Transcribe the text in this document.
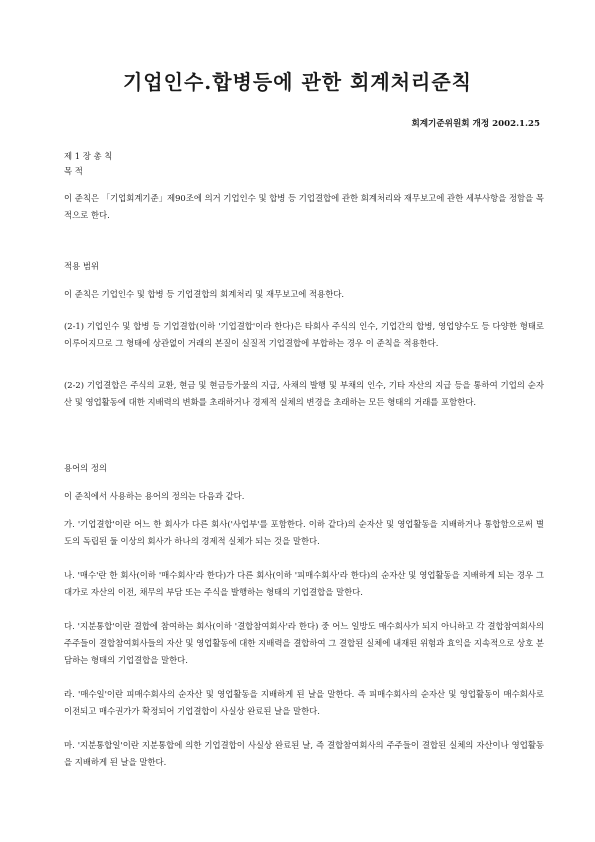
기업인수.합병등에 관한 회계처리준칙
회계기준위원회 개정 2002.1.25
제 1 장 총 칙
목 적
이 준칙은 「기업회계기준」제90조에 의거 기업인수 및 합병 등 기업결합에 관한 회계처리와 재무보고에 관한 세부사항을 정함을 목적으로 한다.
적용 범위
이 준칙은 기업인수 및 합병 등 기업결합의 회계처리 및 재무보고에 적용한다.
(2-1) 기업인수 및 합병 등 기업결합(이하 '기업결합'이라 한다)은 타회사 주식의 인수, 기업간의 합병, 영업양수도 등 다양한 형태로 이루어지므로 그 형태에 상관없이 거래의 본질이 실질적 기업결합에 부합하는 경우 이 준칙을 적용한다.
(2-2) 기업결합은 주식의 교환, 현금 및 현금등가물의 지급, 사채의 발행 및 부채의 인수, 기타 자산의 지급 등을 통하여 기업의 순자산 및 영업활동에 대한 지배력의 변화를 초래하거나 경제적 실체의 변경을 초래하는 모든 형태의 거래를 포함한다.
용어의 정의
이 준칙에서 사용하는 용어의 정의는 다음과 같다.
가. '기업결합'이란 어느 한 회사가 다른 회사('사업부'를 포함한다. 이하 같다)의 순자산 및 영업활동을 지배하거나 통합함으로써 별도의 독립된 둘 이상의 회사가 하나의 경제적 실체가 되는 것을 말한다.
나. '매수'란 한 회사(이하 '매수회사'라 한다)가 다른 회사(이하 '피매수회사'라 한다)의 순자산 및 영업활동을 지배하게 되는 경우 그 대가로 자산의 이전, 채무의 부담 또는 주식을 발행하는 형태의 기업결합을 말한다.
다. '지분통합'이란 결합에 참여하는 회사(이하 '결합참여회사'라 한다) 중 어느 일방도 매수회사가 되지 아니하고 각 결합참여회사의 주주들이 결합참여회사들의 자산 및 영업활동에 대한 지배력을 결합하여 그 결합된 실체에 내재된 위험과 효익을 지속적으로 상호 분담하는 형태의 기업결합을 말한다.
라. '매수일'이란 피매수회사의 순자산 및 영업활동을 지배하게 된 날을 말한다. 즉 피매수회사의 순자산 및 영업활동이 매수회사로 이전되고 매수권가가 확정되어 기업결합이 사실상 완료된 날을 말한다.
마. '지분통합일'이란 지분통합에 의한 기업결합이 사실상 완료된 날, 즉 결합참여회사의 주주들이 결합된 실체의 자산이나 영업활동을 지배하게 된 날을 말한다.
